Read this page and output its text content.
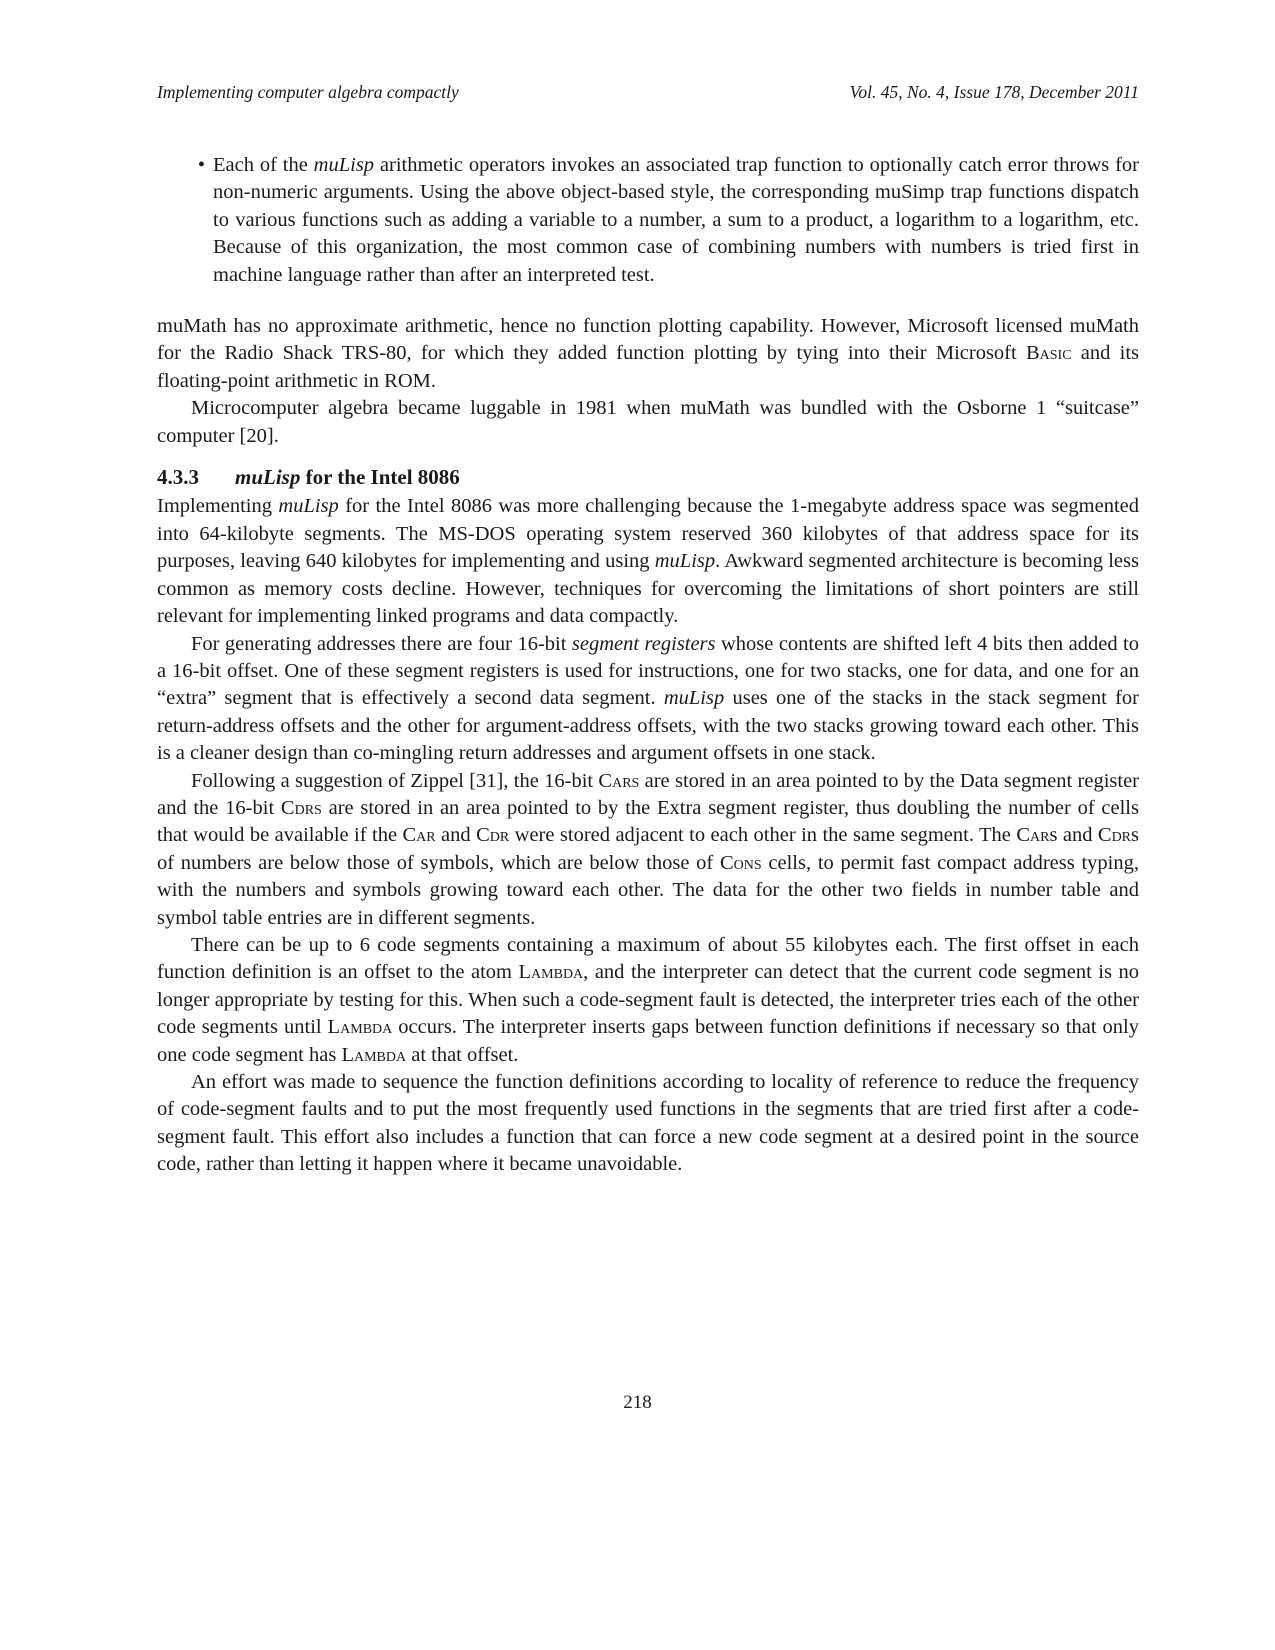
Implementing computer algebra compactly	Vol. 45, No. 4, Issue 178, December 2011
• Each of the muLisp arithmetic operators invokes an associated trap function to optionally catch error throws for non-numeric arguments. Using the above object-based style, the corresponding muSimp trap functions dispatch to various functions such as adding a variable to a number, a sum to a product, a logarithm to a logarithm, etc. Because of this organization, the most common case of combining numbers with numbers is tried first in machine language rather than after an interpreted test.

muMath has no approximate arithmetic, hence no function plotting capability. However, Microsoft licensed muMath for the Radio Shack TRS-80, for which they added function plotting by tying into their Microsoft Basic and its floating-point arithmetic in ROM.

Microcomputer algebra became luggable in 1981 when muMath was bundled with the Osborne 1 “suitcase” computer [20].

4.3.3 muLisp for the Intel 8086

Implementing muLisp for the Intel 8086 was more challenging because the 1-megabyte address space was segmented into 64-kilobyte segments. The MS-DOS operating system reserved 360 kilobytes of that address space for its purposes, leaving 640 kilobytes for implementing and using muLisp. Awkward segmented architecture is becoming less common as memory costs decline. However, techniques for overcoming the limitations of short pointers are still relevant for implementing linked programs and data compactly.

For generating addresses there are four 16-bit segment registers whose contents are shifted left 4 bits then added to a 16-bit offset. One of these segment registers is used for instructions, one for two stacks, one for data, and one for an “extra” segment that is effectively a second data segment. muLisp uses one of the stacks in the stack segment for return-address offsets and the other for argument-address offsets, with the two stacks growing toward each other. This is a cleaner design than co-mingling return addresses and argument offsets in one stack.

Following a suggestion of Zippel [31], the 16-bit Cars are stored in an area pointed to by the Data segment register and the 16-bit Cdrs are stored in an area pointed to by the Extra segment register, thus doubling the number of cells that would be available if the Car and Cdr were stored adjacent to each other in the same segment. The Cars and Cdrs of numbers are below those of symbols, which are below those of Cons cells, to permit fast compact address typing, with the numbers and symbols growing toward each other. The data for the other two fields in number table and symbol table entries are in different segments.

There can be up to 6 code segments containing a maximum of about 55 kilobytes each. The first offset in each function definition is an offset to the atom Lambda, and the interpreter can detect that the current code segment is no longer appropriate by testing for this. When such a code-segment fault is detected, the interpreter tries each of the other code segments until Lambda occurs. The interpreter inserts gaps between function definitions if necessary so that only one code segment has Lambda at that offset.

An effort was made to sequence the function definitions according to locality of reference to reduce the frequency of code-segment faults and to put the most frequently used functions in the segments that are tried first after a code-segment fault. This effort also includes a function that can force a new code segment at a desired point in the source code, rather than letting it happen where it became unavoidable.

218
